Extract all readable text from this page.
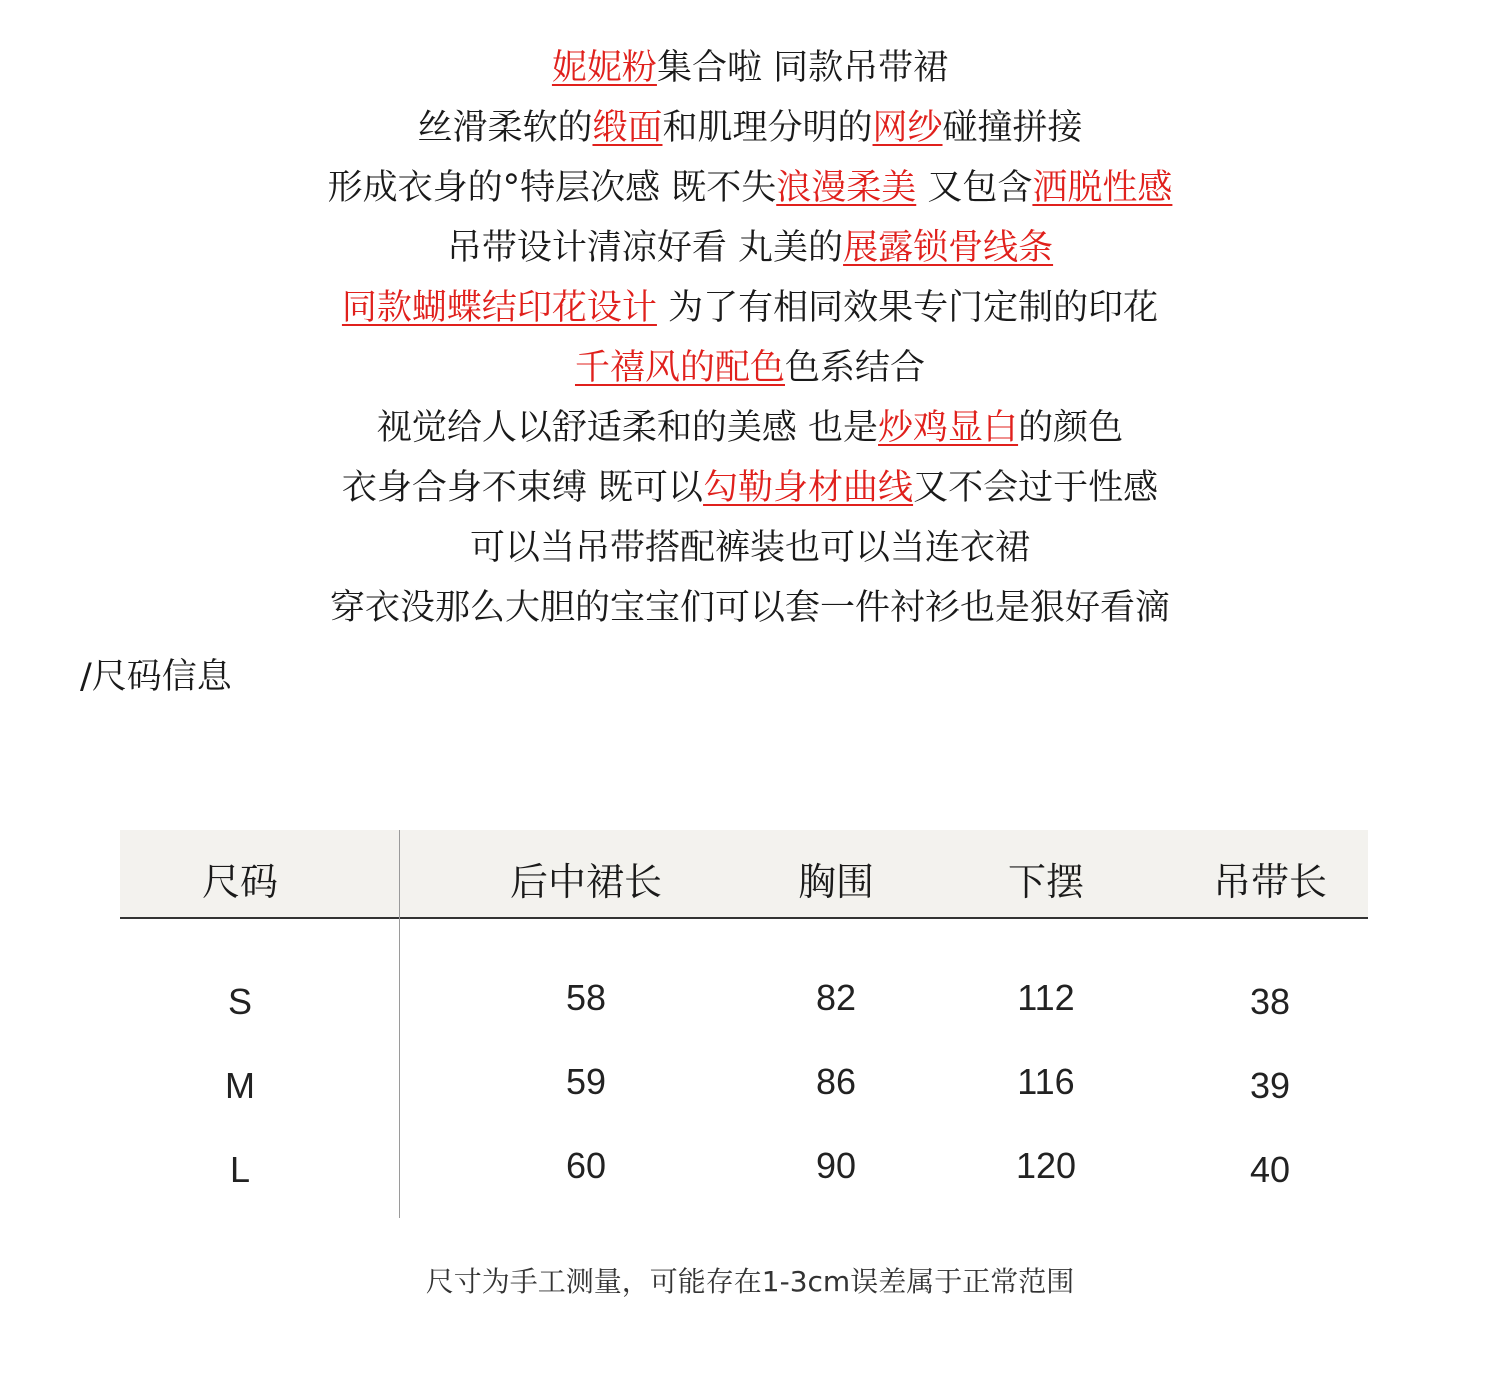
妮妮粉集合啦 同款吊带裙
丝滑柔软的缎面和肌理分明的网纱碰撞拼接
形成衣身的°特层次感 既不失浪漫柔美 又包含洒脱性感
吊带设计清凉好看 丸美的展露锁骨线条
同款蝴蝶结印花设计 为了有相同效果专门定制的印花
千禧风的配色色系结合
视觉给人以舒适柔和的美感 也是炒鸡显白的颜色
衣身合身不束缚 既可以勾勒身材曲线又不会过于性感
可以当吊带搭配裤装也可以当连衣裙
穿衣没那么大胆的宝宝们可以套一件衬衫也是狠好看滴
/尺码信息
尺码	后中裙长	胸围	下摆	吊带长
S	58	82	112	38
M	59	86	116	39
L	60	90	120	40
尺寸为手工测量，可能存在1-3cm误差属于正常范围
